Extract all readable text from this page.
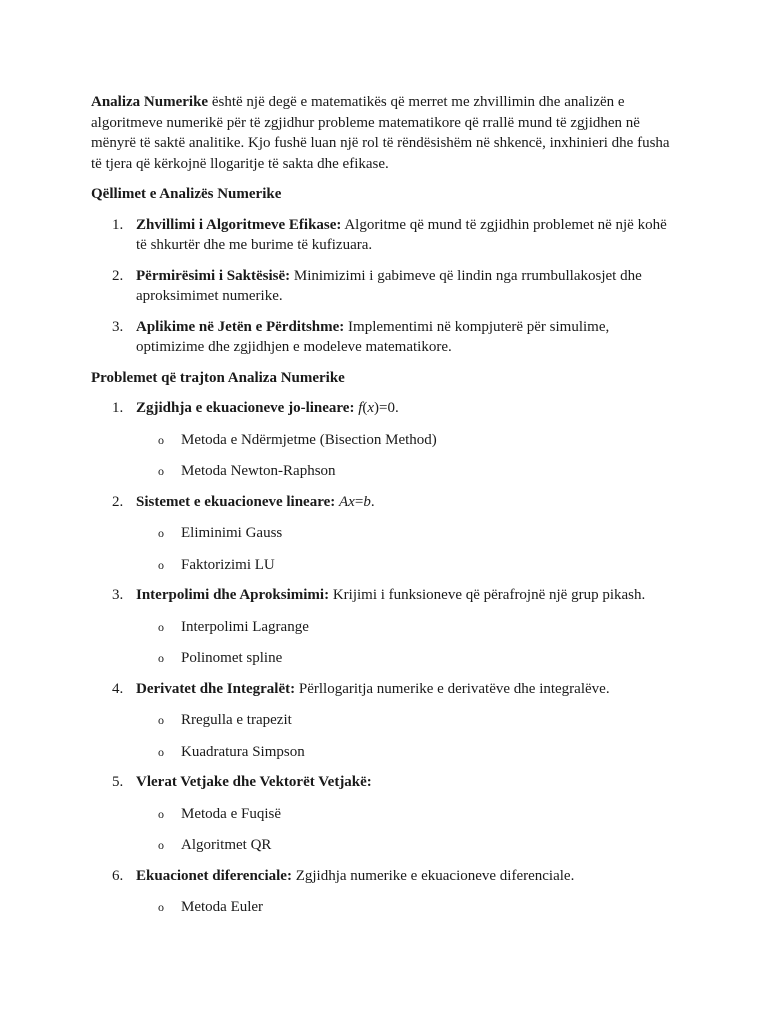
Analiza Numerike është një degë e matematikës që merret me zhvillimin dhe analizën e algoritmeve numerikë për të zgjidhur probleme matematikore që rrallë mund të zgjidhen në mënyrë të saktë analitike. Kjo fushë luan një rol të rëndësishëm në shkencë, inxhinieri dhe fusha të tjera që kërkojnë llogaritje të sakta dhe efikase.

Qëllimet e Analizës Numerike

1. Zhvillimi i Algoritmeve Efikase: Algoritme që mund të zgjidhin problemet në një kohë të shkurtër dhe me burime të kufizuara.
2. Përmirësimi i Saktësisë: Minimizimi i gabimeve që lindin nga rrumbullakosjet dhe aproksimimet numerike.
3. Aplikime në Jetën e Përditshme: Implementimi në kompjuterë për simulime, optimizime dhe zgjidhjen e modeleve matematikore.

Problemet që trajton Analiza Numerike

1. Zgjidhja e ekuacioneve jo-lineare: f(x)=0.
o Metoda e Ndërmjetme (Bisection Method)
o Metoda Newton-Raphson
2. Sistemet e ekuacioneve lineare: Ax=b.
o Eliminimi Gauss
o Faktorizimi LU
3. Interpolimi dhe Aproksimimi: Krijimi i funksioneve që përafrojnë një grup pikash.
o Interpolimi Lagrange
o Polinomet spline
4. Derivatet dhe Integralët: Përllogaritja numerike e derivatëve dhe integralëve.
o Rregulla e trapezit
o Kuadratura Simpson
5. Vlerat Vetjake dhe Vektorët Vetjakë:
o Metoda e Fuqisë
o Algoritmet QR
6. Ekuacionet diferenciale: Zgjidhja numerike e ekuacioneve diferenciale.
o Metoda Euler
